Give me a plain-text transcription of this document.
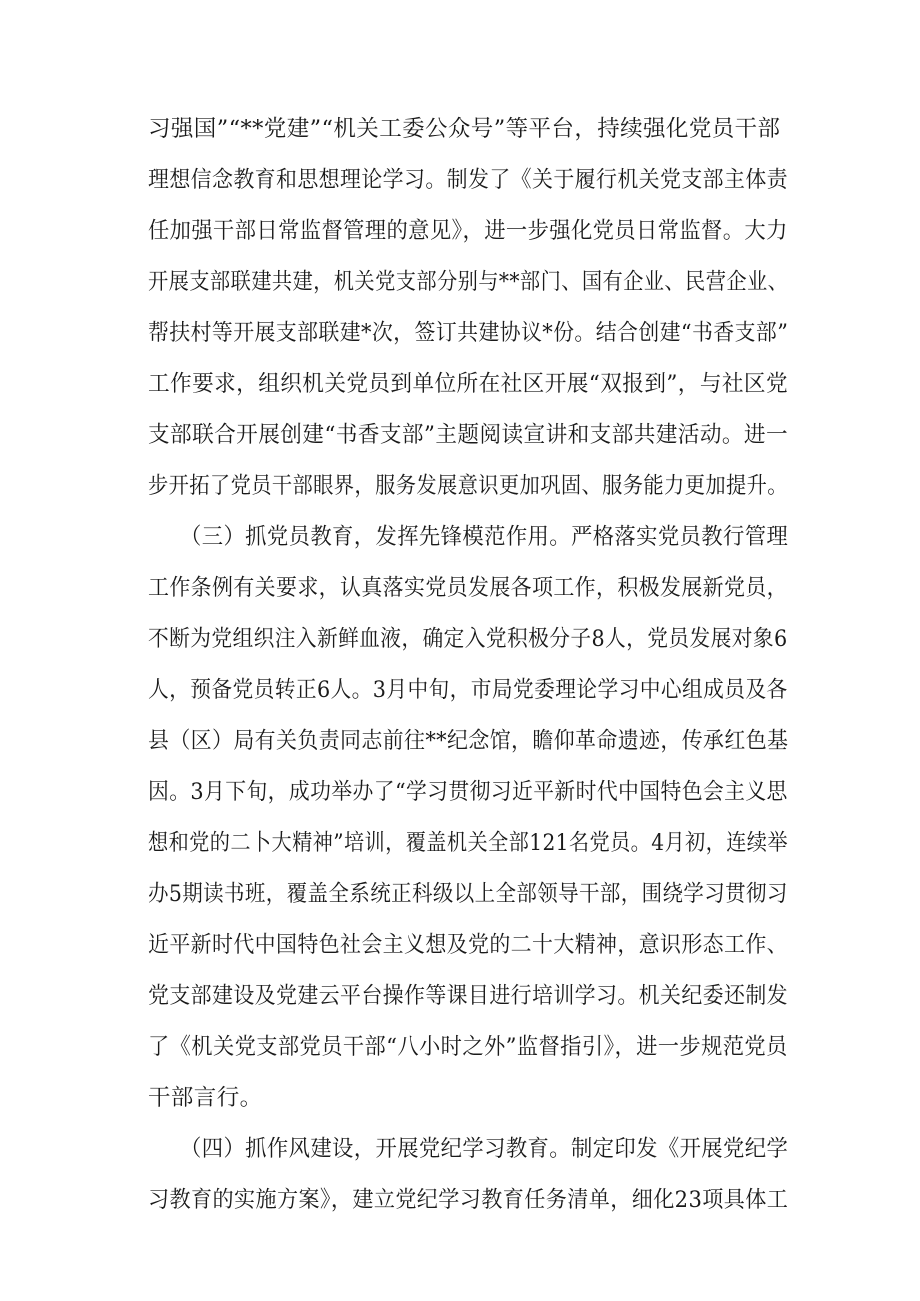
习强国”“**党建”“机关工委公众号”等平台，持续强化党员干部
理想信念教育和思想理论学习。制发了《关于履行机关党支部主体责
任加强干部日常监督管理的意见》，进一步强化党员日常监督。大力
开展支部联建共建，机关党支部分别与**部门、国有企业、民营企业、
帮扶村等开展支部联建*次，签订共建协议*份。结合创建“书香支部”
工作要求，组织机关党员到单位所在社区开展“双报到”，与社区党
支部联合开展创建“书香支部”主题阅读宣讲和支部共建活动。进一
步开拓了党员干部眼界，服务发展意识更加巩固、服务能力更加提升。
（三）抓党员教育，发挥先锋模范作用。严格落实党员教行管理
工作条例有关要求，认真落实党员发展各项工作，积极发展新党员，
不断为党组织注入新鲜血液，确定入党积极分子8人，党员发展对象6
人，预备党员转正6人。3月中旬，市局党委理论学习中心组成员及各
县（区）局有关负责同志前往**纪念馆，瞻仰革命遗迹，传承红色基
因。3月下旬，成功举办了“学习贯彻习近平新时代中国特色会主义思
想和党的二卜大精神”培训，覆盖机关全部121名党员。4月初，连续举
办5期读书班，覆盖全系统正科级以上全部领导干部，围绕学习贯彻习
近平新时代中国特色社会主义想及党的二十大精神，意识形态工作、
党支部建设及党建云平台操作等课目进行培训学习。机关纪委还制发
了《机关党支部党员干部“八小时之外”监督指引》，进一步规范党员
干部言行。
（四）抓作风建设，开展党纪学习教育。制定印发《开展党纪学
习教育的实施方案》，建立党纪学习教育任务清单，细化23项具体工
